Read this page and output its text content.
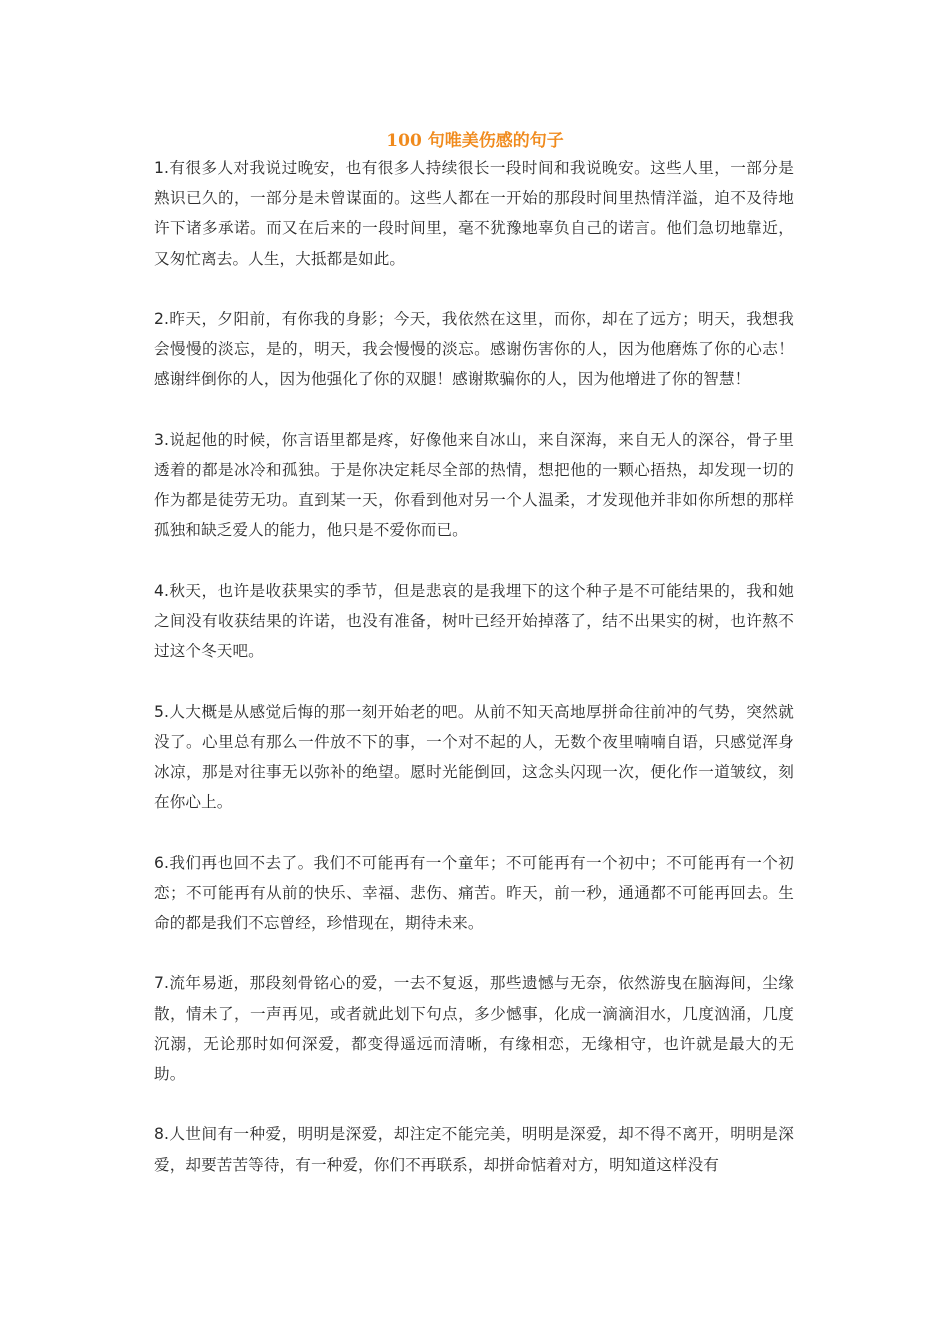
100 句唯美伤感的句子

1.有很多人对我说过晚安，也有很多人持续很长一段时间和我说晚安。这些人里，一部分是熟识已久的，一部分是未曾谋面的。这些人都在一开始的那段时间里热情洋溢，迫不及待地许下诸多承诺。而又在后来的一段时间里，毫不犹豫地辜负自己的诺言。他们急切地靠近，又匆忙离去。人生，大抵都是如此。

2.昨天，夕阳前，有你我的身影；今天，我依然在这里，而你，却在了远方；明天，我想我会慢慢的淡忘，是的，明天，我会慢慢的淡忘。感谢伤害你的人，因为他磨炼了你的心志！感谢绊倒你的人，因为他强化了你的双腿！感谢欺骗你的人，因为他增进了你的智慧！

3.说起他的时候，你言语里都是疼，好像他来自冰山，来自深海，来自无人的深谷，骨子里透着的都是冰冷和孤独。于是你决定耗尽全部的热情，想把他的一颗心捂热，却发现一切的作为都是徒劳无功。直到某一天，你看到他对另一个人温柔，才发现他并非如你所想的那样孤独和缺乏爱人的能力，他只是不爱你而已。

4.秋天，也许是收获果实的季节，但是悲哀的是我埋下的这个种子是不可能结果的，我和她之间没有收获结果的许诺，也没有准备，树叶已经开始掉落了，结不出果实的树，也许熬不过这个冬天吧。

5.人大概是从感觉后悔的那一刻开始老的吧。从前不知天高地厚拼命往前冲的气势，突然就没了。心里总有那么一件放不下的事，一个对不起的人，无数个夜里喃喃自语，只感觉浑身冰凉，那是对往事无以弥补的绝望。愿时光能倒回，这念头闪现一次，便化作一道皱纹，刻在你心上。

6.我们再也回不去了。我们不可能再有一个童年；不可能再有一个初中；不可能再有一个初恋；不可能再有从前的快乐、幸福、悲伤、痛苦。昨天，前一秒，通通都不可能再回去。生命的都是我们不忘曾经，珍惜现在，期待未来。

7.流年易逝，那段刻骨铭心的爱，一去不复返，那些遗憾与无奈，依然游曳在脑海间，尘缘散，情未了，一声再见，或者就此划下句点，多少憾事，化成一滴滴泪水，几度汹涌，几度沉溺，无论那时如何深爱，都变得遥远而清晰，有缘相恋，无缘相守，也许就是最大的无助。

8.人世间有一种爱，明明是深爱，却注定不能完美，明明是深爱，却不得不离开，明明是深爱，却要苦苦等待，有一种爱，你们不再联系，却拼命惦着对方，明知道这样没有
